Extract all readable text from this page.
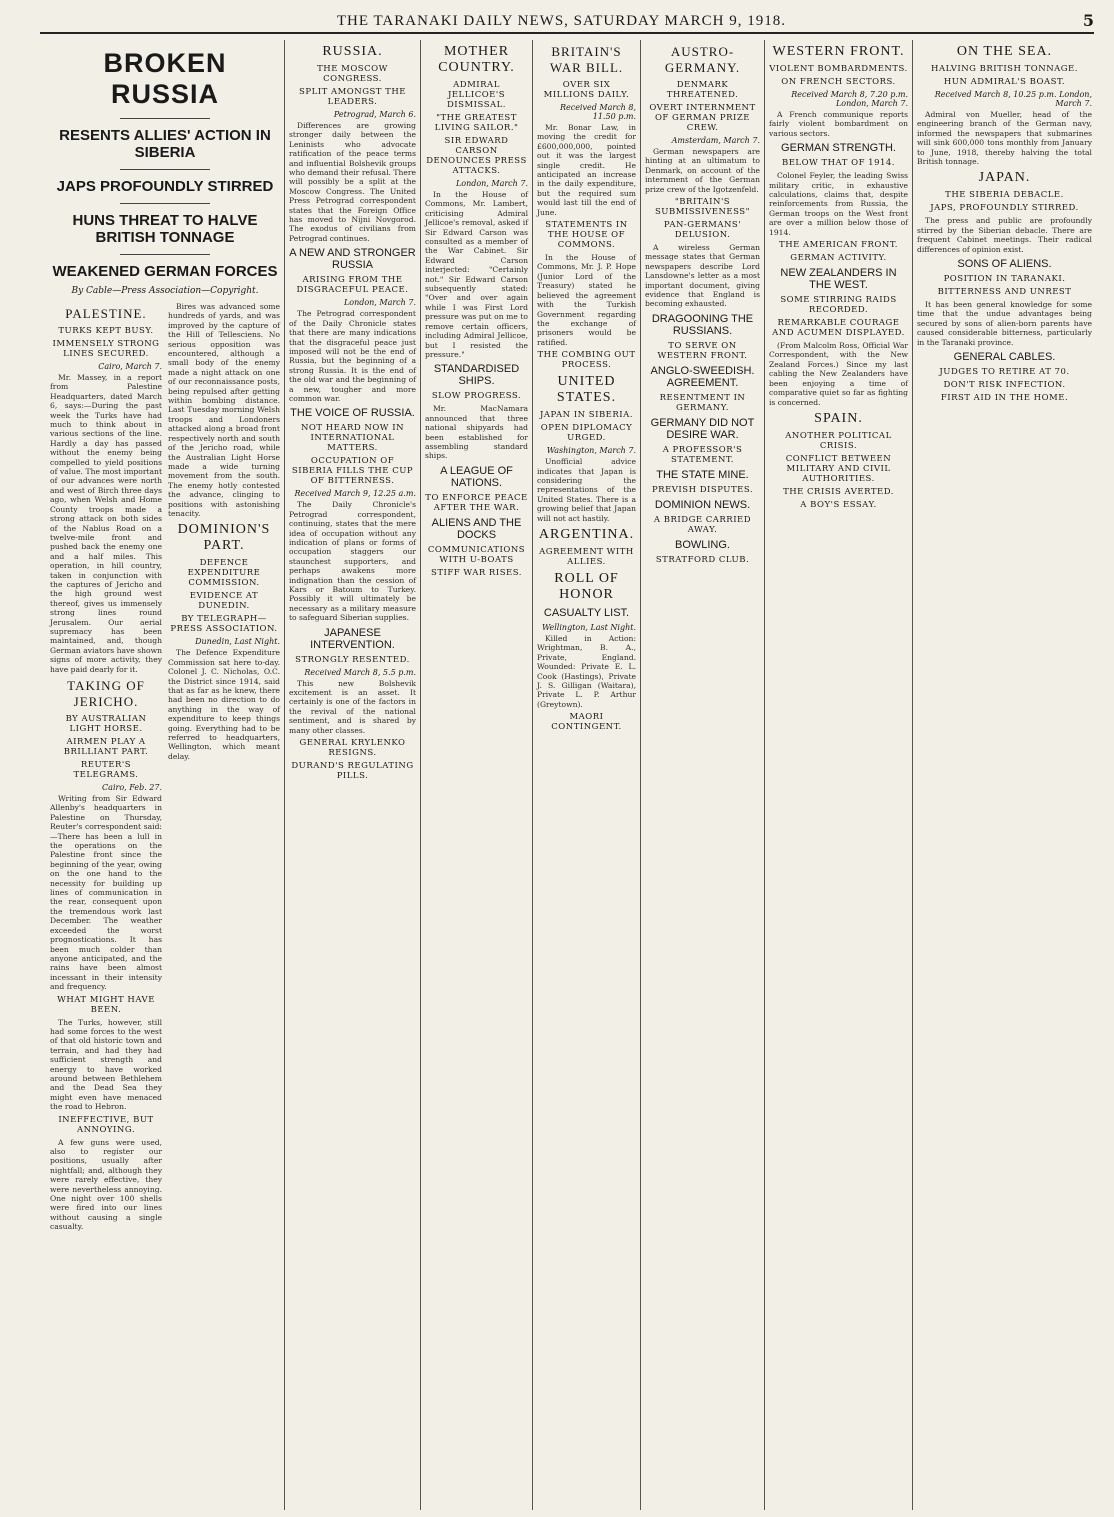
THE TARANAKI DAILY NEWS, SATURDAY MARCH 9, 1918.	5
BROKEN RUSSIA
RESENTS ALLIES' ACTION IN SIBERIA
JAPS PROFOUNDLY STIRRED
HUNS THREAT TO HALVE BRITISH TONNAGE
WEAKENED GERMAN FORCES
By Cable—Press Association—Copyright.
PALESTINE.
TURKS KEPT BUSY.
IMMENSELY STRONG LINES SECURED.
Cairo, March 7.
Mr. Massey, in a report from Palestine Headquarters, dated March 6, says:—During the past week the Turks have had much to think about in various sections of the line. Hardly a day has passed without the enemy being compelled to yield positions of value. The most important of our advances were north and west of Birch three days ago, when Welsh and Home County troops made a strong attack on both sides of the Nablus Road on a twelve-mile front and pushed back the enemy one and a half miles. This operation, in hill country, taken in conjunction with the captures of Jericho and the high ground west thereof, gives us immensely strong lines round Jerusalem. Our aerial supremacy has been maintained, and, though German aviators have shown signs of more activity, they have paid dearly for it.
TAKING OF JERICHO.
BY AUSTRALIAN LIGHT HORSE.
AIRMEN PLAY A BRILLIANT PART.
REUTER'S TELEGRAMS.
Cairo, Feb. 27.
Writing from Sir Edward Allenby's headquarters in Palestine on Thursday, Reuter's correspondent said:—There has been a lull in the operations on the Palestine front since the beginning of the year, owing on the one hand to the necessity for building up lines of communication in the rear, consequent upon the tremendous work last December. The weather exceeded the worst prognostications. It has been much colder than anyone anticipated, and the rains have been almost incessant in their intensity and frequency.
WHAT MIGHT HAVE BEEN.
The Turks, however, still had some forces to the west of that old historic town and terrain, and had they had sufficient strength and energy to have worked around between Bethlehem and the Dead Sea they might even have menaced the road to Hebron.
INEFFECTIVE, BUT ANNOYING.
A few guns were used, also to register our positions, usually after nightfall; and, although they were rarely effective, they were nevertheless annoying. One night over 100 shells were fired into our lines without causing a single casualty.
Bires was advanced some hundreds of yards, and was improved by the capture of the Hill of Tellesciens. No serious opposition was encountered, although a small body of the enemy made a night attack on one of our reconnaissance posts, being repulsed after getting within bombing distance. Last Tuesday morning Welsh troops and Londoners attacked along a broad front respectively north and south of the Jericho road, while the Australian Light Horse made a wide turning movement from the south. The enemy hotly contested the advance, clinging to positions with astonishing tenacity.
DOMINION'S PART.
DEFENCE EXPENDITURE COMMISSION.
EVIDENCE AT DUNEDIN.
BY TELEGRAPH—PRESS ASSOCIATION.
Dunedin, Last Night.
The Defence Expenditure Commission sat here to-day. Colonel J. C. Nicholas, O.C. the District since 1914, said that as far as he knew, there had been no direction to do anything in the way of expenditure to keep things going. Everything had to be referred to headquarters, Wellington, which meant delay.
RUSSIA.
THE MOSCOW CONGRESS.
SPLIT AMONGST THE LEADERS.
Petrograd, March 6.
Differences are growing stronger daily between the Leninists who advocate ratification of the peace terms and influential Bolshevik groups who demand their refusal. There will possibly be a split at the Moscow Congress. The United Press Petrograd correspondent states that the Foreign Office has moved to Nijni Novgorod. The exodus of civilians from Petrograd continues.
A NEW AND STRONGER RUSSIA
ARISING FROM THE DISGRACEFUL PEACE.
London, March 7.
The Petrograd correspondent of the Daily Chronicle states that there are many indications that the disgraceful peace just imposed will not be the end of Russia, but the beginning of a strong Russia. It is the end of the old war and the beginning of a new, tougher and more common war.
THE VOICE OF RUSSIA.
NOT HEARD NOW IN INTERNATIONAL MATTERS.
OCCUPATION OF SIBERIA FILLS THE CUP OF BITTERNESS.
Received March 9, 12.25 a.m.
The Daily Chronicle's Petrograd correspondent, continuing, states that the mere idea of occupation without any indication of plans or forms of occupation staggers our staunchest supporters, and perhaps awakens more indignation than the cession of Kars or Batoum to Turkey. Possibly it will ultimately be necessary as a military measure to safeguard Siberian supplies.
JAPANESE INTERVENTION.
STRONGLY RESENTED.
Received March 8, 5.5 p.m.
This new Bolshevik excitement is an asset. It certainly is one of the factors in the revival of the national sentiment, and is shared by many other classes.
GENERAL KRYLENKO RESIGNS.
DURAND'S REGULATING PILLS.
MOTHER COUNTRY.
ADMIRAL JELLICOE'S DISMISSAL.
"THE GREATEST LIVING SAILOR."
SIR EDWARD CARSON DENOUNCES PRESS ATTACKS.
London, March 7.
In the House of Commons, Mr. Lambert, criticising Admiral Jellicoe's removal, asked if Sir Edward Carson was consulted as a member of the War Cabinet. Sir Edward Carson interjected: "Certainly not." Sir Edward Carson subsequently stated: "Over and over again while I was First Lord pressure was put on me to remove certain officers, including Admiral Jellicoe, but I resisted the pressure."
STANDARDISED SHIPS.
SLOW PROGRESS.
Mr. MacNamara announced that three national shipyards had been established for assembling standard ships.
A LEAGUE OF NATIONS.
TO ENFORCE PEACE AFTER THE WAR.
ALIENS AND THE DOCKS
COMMUNICATIONS WITH U-BOATS
STIFF WAR RISES.
BRITAIN'S WAR BILL.
OVER SIX MILLIONS DAILY.
Received March 8, 11.50 p.m.
Mr. Bonar Law, in moving the credit for £600,000,000, pointed out it was the largest single credit. He anticipated an increase in the daily expenditure, but the required sum would last till the end of June.
STATEMENTS IN THE HOUSE OF COMMONS.
In the House of Commons, Mr. J. P. Hope (Junior Lord of the Treasury) stated he believed the agreement with the Turkish Government regarding the exchange of prisoners would be ratified.
THE COMBING OUT PROCESS.
UNITED STATES.
JAPAN IN SIBERIA.
OPEN DIPLOMACY URGED.
Washington, March 7.
Unofficial advice indicates that Japan is considering the representations of the United States. There is a growing belief that Japan will not act hastily.
ARGENTINA.
AGREEMENT WITH ALLIES.
ROLL OF HONOR
CASUALTY LIST.
Wellington, Last Night.
Killed in Action: Wrightman, B. A., Private, England. Wounded: Private E. L. Cook (Hastings), Private J. S. Gilligan (Waitara), Private L. P. Arthur (Greytown).
MAORI CONTINGENT.
AUSTRO-GERMANY.
DENMARK THREATENED.
OVERT INTERNMENT OF GERMAN PRIZE CREW.
Amsterdam, March 7.
German newspapers are hinting at an ultimatum to Denmark, on account of the internment of the German prize crew of the Igotzenfeld.
"BRITAIN'S SUBMISSIVENESS"
PAN-GERMANS' DELUSION.
A wireless German message states that German newspapers describe Lord Lansdowne's letter as a most important document, giving evidence that England is becoming exhausted.
DRAGOONING THE RUSSIANS.
TO SERVE ON WESTERN FRONT.
ANGLO-SWEEDISH. AGREEMENT.
RESENTMENT IN GERMANY.
GERMANY DID NOT DESIRE WAR.
A PROFESSOR'S STATEMENT.
THE STATE MINE.
PREVISH DISPUTES.
DOMINION NEWS.
A BRIDGE CARRIED AWAY.
BOWLING.
STRATFORD CLUB.
WESTERN FRONT.
VIOLENT BOMBARDMENTS.
ON FRENCH SECTORS.
Received March 8, 7.20 p.m. London, March 7.
A French communique reports fairly violent bombardment on various sectors.
GERMAN STRENGTH.
BELOW THAT OF 1914.
Colonel Feyler, the leading Swiss military critic, in exhaustive calculations, claims that, despite reinforcements from Russia, the German troops on the West front are over a million below those of 1914.
THE AMERICAN FRONT.
GERMAN ACTIVITY.
NEW ZEALANDERS IN THE WEST.
SOME STIRRING RAIDS RECORDED.
REMARKABLE COURAGE AND ACUMEN DISPLAYED.
(From Malcolm Ross, Official War Correspondent, with the New Zealand Forces.) Since my last cabling the New Zealanders have been enjoying a time of comparative quiet so far as fighting is concerned.
SPAIN.
ANOTHER POLITICAL CRISIS.
CONFLICT BETWEEN MILITARY AND CIVIL AUTHORITIES.
THE CRISIS AVERTED.
A BOY'S ESSAY.
ON THE SEA.
HALVING BRITISH TONNAGE.
HUN ADMIRAL'S BOAST.
Received March 8, 10.25 p.m. London, March 7.
Admiral von Mueller, head of the engineering branch of the German navy, informed the newspapers that submarines will sink 600,000 tons monthly from January to June, 1918, thereby halving the total British tonnage.
JAPAN.
THE SIBERIA DEBACLE.
JAPS, PROFOUNDLY STIRRED.
The press and public are profoundly stirred by the Siberian debacle. There are frequent Cabinet meetings. Their radical differences of opinion exist.
SONS OF ALIENS.
POSITION IN TARANAKI.
BITTERNESS AND UNREST
It has been general knowledge for some time that the undue advantages being secured by sons of alien-born parents have caused considerable bitterness, particularly in the Taranaki province.
GENERAL CABLES.
JUDGES TO RETIRE AT 70.
DON'T RISK INFECTION.
FIRST AID IN THE HOME.
